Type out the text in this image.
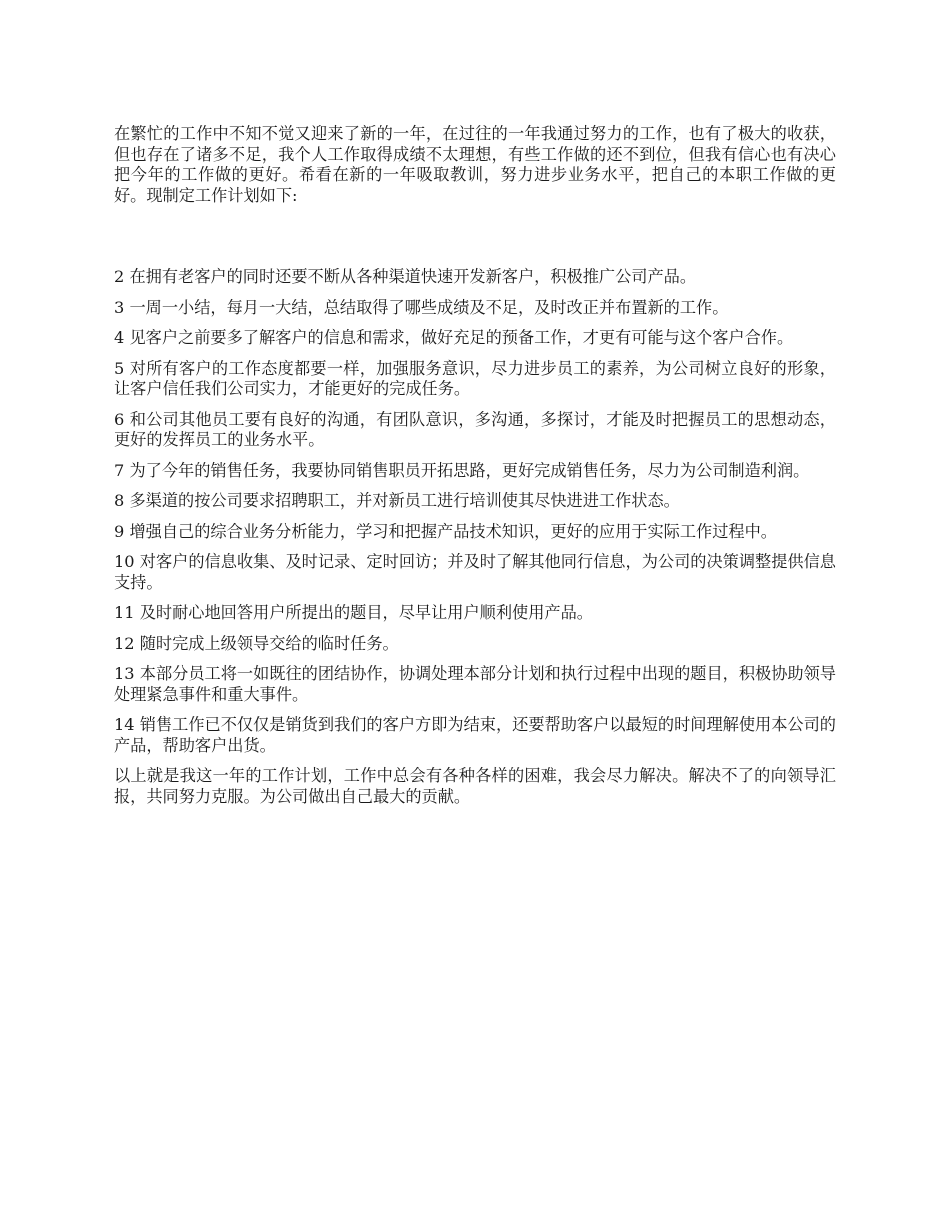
在繁忙的工作中不知不觉又迎来了新的一年，在过往的一年我通过努力的工作，也有了极大的收获，但也存在了诸多不足，我个人工作取得成绩不太理想，有些工作做的还不到位，但我有信心也有决心把今年的工作做的更好。希看在新的一年吸取教训，努力进步业务水平，把自己的本职工作做的更好。现制定工作计划如下:

2 在拥有老客户的同时还要不断从各种渠道快速开发新客户，积极推广公司产品。

3 一周一小结，每月一大结，总结取得了哪些成绩及不足，及时改正并布置新的工作。

4 见客户之前要多了解客户的信息和需求，做好充足的预备工作，才更有可能与这个客户合作。

5 对所有客户的工作态度都要一样，加强服务意识，尽力进步员工的素养，为公司树立良好的形象，让客户信任我们公司实力，才能更好的完成任务。

6 和公司其他员工要有良好的沟通，有团队意识，多沟通，多探讨，才能及时把握员工的思想动态，更好的发挥员工的业务水平。

7 为了今年的销售任务，我要协同销售职员开拓思路，更好完成销售任务，尽力为公司制造利润。

8 多渠道的按公司要求招聘职工，并对新员工进行培训使其尽快进进工作状态。

9 增强自己的综合业务分析能力，学习和把握产品技术知识，更好的应用于实际工作过程中。

10 对客户的信息收集、及时记录、定时回访；并及时了解其他同行信息，为公司的决策调整提供信息支持。

11 及时耐心地回答用户所提出的题目，尽早让用户顺利使用产品。

12 随时完成上级领导交给的临时任务。

13 本部分员工将一如既往的团结协作，协调处理本部分计划和执行过程中出现的题目，积极协助领导处理紧急事件和重大事件。

14 销售工作已不仅仅是销货到我们的客户方即为结束，还要帮助客户以最短的时间理解使用本公司的产品，帮助客户出货。

以上就是我这一年的工作计划，工作中总会有各种各样的困难，我会尽力解决。解决不了的向领导汇报，共同努力克服。为公司做出自己最大的贡献。
